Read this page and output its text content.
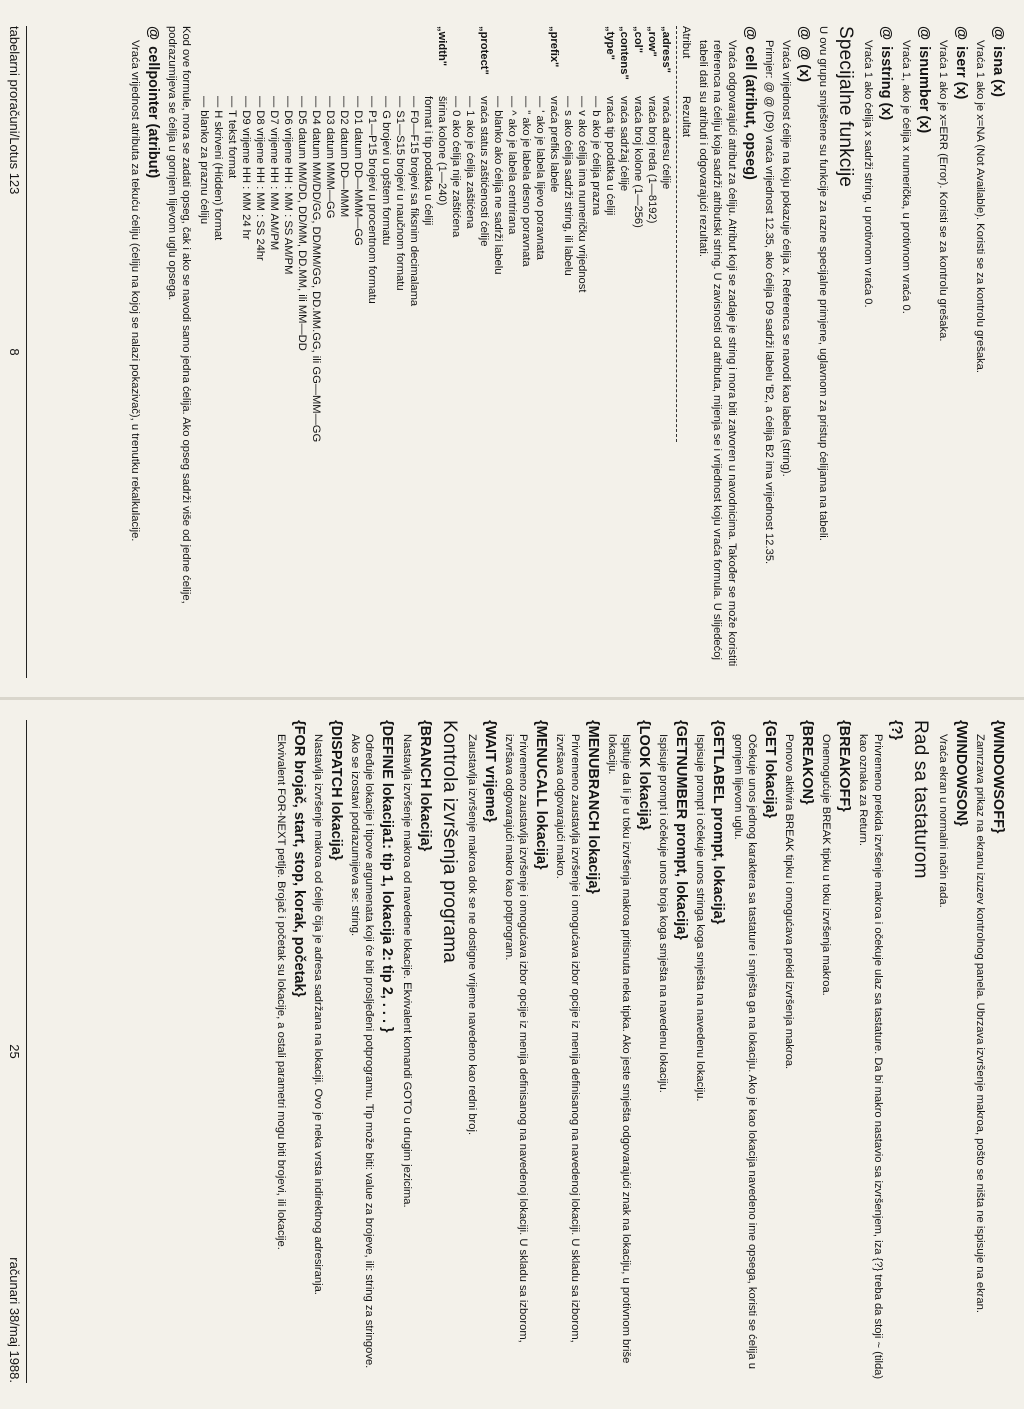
@isna (x)

Vraća 1 ako je x=NA (Not Available). Koristi se za kontrolu grešaka.

@iserr (x)

Vraća 1 ako je x=ERR (Error). Koristi se za kontrolu grešaka.

@isnumber (x)

Vraća 1, ako je ćelija x numerička, u protivnom vraća 0.

@isstring (x)

Vraća 1 ako ćelija x sadrži string, u protivnom vraća 0.

Specijalne funkcije

U ovu grupu smještene su funkcije za razne specijalne primjene, uglavnom za pristup ćelijama na tabeli.

@@ (x)

Vraća vrijednost ćelije na koju pokazuje ćelija x. Referenca se navodi kao labela (string).

Primjer: @ @ (D9) vraća vrijednost 12.35, ako ćelija D9 sadrži labelu 'B2, a ćelija B2 ima vrijednost 12.35.

@cell (atribut, opseg)

Vraća odgovarajući atribut za ćeliju. Atribut koji se zadaje je string i mora biti zatvoren u navodnicima. Također se može koristiti referenca na ćeliju koja sadrži atributski string. U zavisnosti od atributa, mijenja se i vrijednost koju vraća formula. U slijedećoj tabeli dati su atributi i odgovarajući rezultati.

Atribut	Rezultat

„adress"	vraća adresu ćelije
„row"	vraća broj reda (1—8192)
„col"	vraća broj kolone (1—256)
„contens"	vraća sadržaj ćelije
„type"	vraća tip podatka u ćeliji
	— b ako je ćelija prazna
	— v ako ćelija ima numeričku vrijednost
	— s ako ćelija sadrži string, ili labelu
„prefix"	vraća prefiks labele
	— ' ako je labela lijevo poravnata
	— " ako je labela desno poravnata
	— ^ ako je labela centrirana
	— blanko ako ćelija ne sadrži labelu
„protect"	vraća status zaštićenosti ćelije
	— 1 ako je ćelija zaštićena
	— 0 ako ćelija nije zaštićena
„width"	širina kolone (1—240)
	format i tip podatka u ćeliji
	— F0—F15 brojevi sa fiksnim decimalama
	— S1—S15 brojevi u naučnom formatu
	— G brojevi u opštem formatu
	— P1—P15 brojevi u procentnom formatu
	— D1 datum DD—MMM—GG
	— D2 datum DD—MMM
	— D3 datum MMM—GG
	— D4 datum MM/DD/GG, DD/MM/GG, DD.MM.GG, ili GG—MM—GG
	— D5 datum MM/DD, DD/MM, DD.MM, ili MM—DD
	— D6 vrijeme HH : MM : SS AM/PM
	— D7 vrijeme HH : MM AM/PM
	— D8 vrijeme HH : MM : SS 24hr
	— D9 vrijeme HH : MM 24 hr
	— T tekst format
	— H skriveni (Hidden) format
	— blanko za praznu ćeliju

Kod ove formule, mora se zadati opseg, čak i ako se navodi samo jedna ćelija. Ako opseg sadrži više od jedne ćelije, podrazumijeva se ćelija u gornjem lijevom uglu opsega.

@cellpointer (atribut)

Vraća vrijednost atributa za tekuću ćeliju (ćeliju na kojoj se nalazi pokazivač), u trenutku rekalkulacije.

tabelarni proračuni/Lotus 123
8
{WINDOWSOFF}

Zamrzava prikaz na ekranu izuzev kontrolnog panela. Ubrzava izvršenje makroa, pošto se ništa ne ispisuje na ekran.

{WINDOWSON}

Vraća ekran u normalni način rada.

Rad sa tastaturom
{?}

Privremeno prekida izvršenje makroa i očekuje ulaz sa tastature. Da bi makro nastavio sa izvršenjem, iza {?} treba da stoji ~ (tilda) kao oznaka za Return.

{BREAKOFF}

Onemogućuje BREAK tipku u toku izvršenja makroa.

{BREAKON}

Ponovo aktivira BREAK tipku i omogućava prekid izvršenja makroa.

{GET lokacija}

Očekuje unos jednog karaktera sa tastature i smješta ga na lokaciju. Ako je kao lokacija navedeno ime opsega, koristi se ćelija u gornjem lijevom uglu.

{GETLABEL prompt, lokacija}

Ispisuje prompt i očekuje unos stringa koga smješta na navedenu lokaciju.

{GETNUMBER prompt, lokacija}

Ispisuje prompt i očekuje unos broja koga smješta na navedenu lokaciju.

{LOOK lokacija}

Ispituje da li je u toku izvršenja makroa pritisnuta neka tipka. Ako jeste smješta odgovarajući znak na lokaciju, u protivnom briše lokaciju.

{MENUBRANCH lokacija}

Privremeno zaustavlja izvršenje i omogućava izbor opcije iz menija definisanog na navedenoj lokaciji. U skladu sa izborom, izvršava odgovarajući makro.

{MENUCALL lokacija}

Privremeno zaustavlja izvršenje i omogućava izbor opcije iz menija definisanog na navedenoj lokaciji. U skladu sa izborom, izvršava odgovarajući makro kao potprogram.

{WAIT vrijeme}

Zaustavlja izvršenje makroa dok se ne dostigne vrijeme navedeno kao redni broj.

Kontrola izvršenja programa
{BRANCH lokacija}

Nastavlja izvršenje makroa od navedene lokacije. Ekvivalent komandi GOTO u drugim jezicima.

{DEFINE lokacija1: tip 1, lokacija 2: tip 2, . . . }

Određuje lokacije i tipove argumenata koji će biti prosljeđeni potprogramu. Tip može biti: value za brojeve, ili: string za stringove. Ako se izostavi podrazumijeva se: string.

{DISPATCH lokacija}

Nastavlja izvršenje makroa od ćelije čija je adresa sadržana na lokaciji. Ovo je neka vrsta indirektnog adresiranja.

{FOR brojač, start, stop, korak, početak}

Ekvivalent FOR-NEXT petlje. Brojač i početak su lokacije, a ostali parametri mogu biti brojevi, ili lokacije.

25
računari 38/maj 1988.
